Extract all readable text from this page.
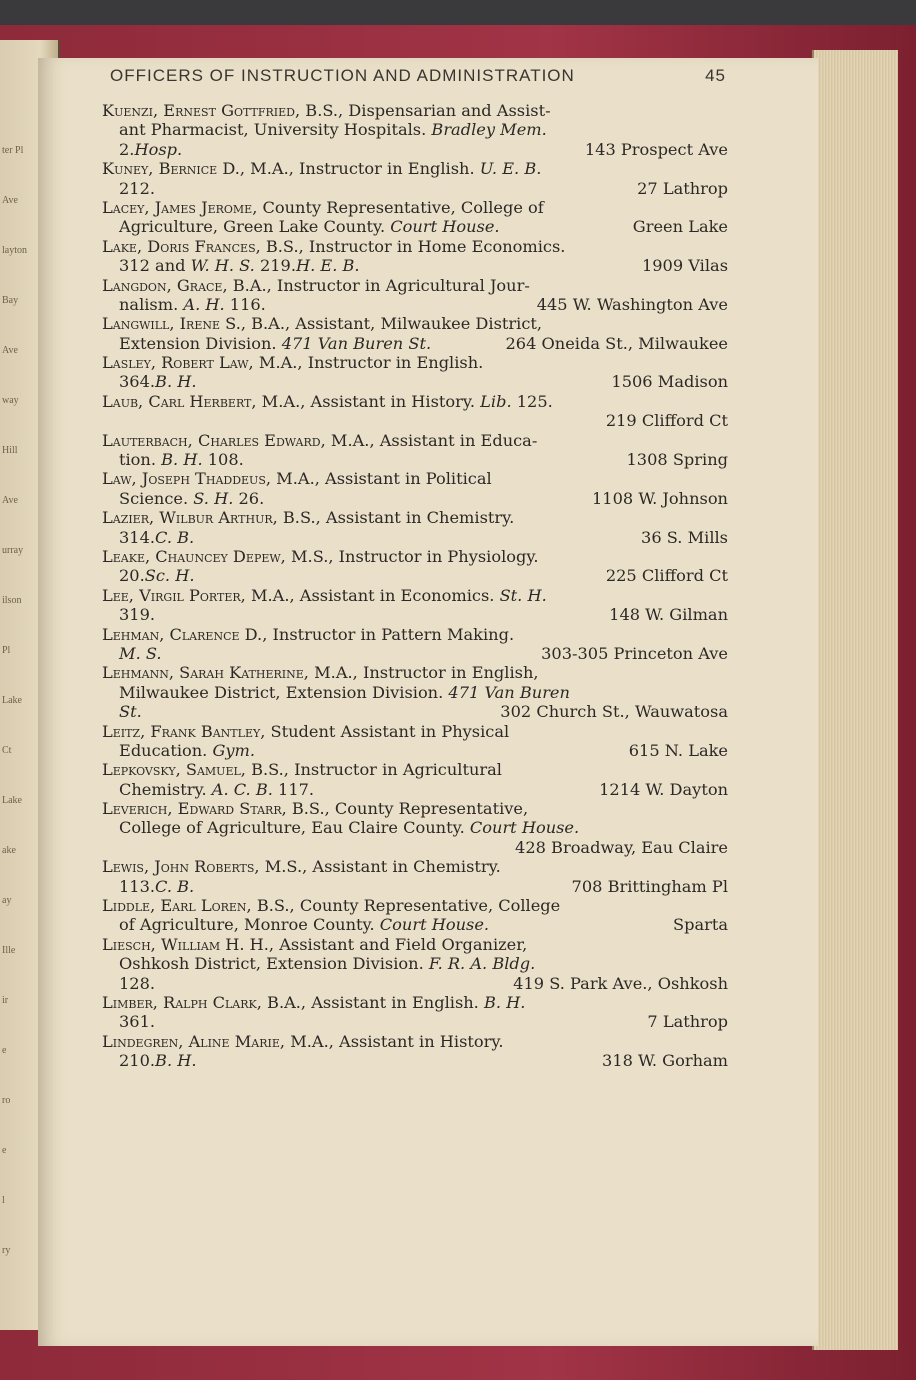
ter Pl
Ave
layton
Bay
Ave
way
Hill
Ave
urray
ilson
Pl
Lake
Ct
Lake
ake
ay
Ille
ir
e
ro
e
l
ry
OFFICERS OF INSTRUCTION AND ADMINISTRATION	45
Kuenzi, Ernest Gottfried, B.S., Dispensarian and Assist-
ant Pharmacist, University Hospitals. Bradley Mem.
2.Hosp.	143 Prospect Ave
Kuney, Bernice D., M.A., Instructor in English. U. E. B.
212.	27 Lathrop
Lacey, James Jerome, County Representative, College of
Agriculture, Green Lake County. Court House.	Green Lake
Lake, Doris Frances, B.S., Instructor in Home Economics.
312 and W. H. S. 219.H. E. B.	1909 Vilas
Langdon, Grace, B.A., Instructor in Agricultural Jour-
nalism. A. H. 116.	445 W. Washington Ave
Langwill, Irene S., B.A., Assistant, Milwaukee District,
Extension Division. 471 Van Buren St.	264 Oneida St., Milwaukee
Lasley, Robert Law, M.A., Instructor in English.
364.B. H.	1506 Madison
Laub, Carl Herbert, M.A., Assistant in History. Lib. 125.
219 Clifford Ct
Lauterbach, Charles Edward, M.A., Assistant in Educa-
tion. B. H. 108.	1308 Spring
Law, Joseph Thaddeus, M.A., Assistant in Political
Science. S. H. 26.	1108 W. Johnson
Lazier, Wilbur Arthur, B.S., Assistant in Chemistry.
314.C. B.	36 S. Mills
Leake, Chauncey Depew, M.S., Instructor in Physiology.
20.Sc. H.	225 Clifford Ct
Lee, Virgil Porter, M.A., Assistant in Economics. St. H.
319.	148 W. Gilman
Lehman, Clarence D., Instructor in Pattern Making.
M. S.	303-305 Princeton Ave
Lehmann, Sarah Katherine, M.A., Instructor in English,
Milwaukee District, Extension Division. 471 Van Buren
St.	302 Church St., Wauwatosa
Leitz, Frank Bantley, Student Assistant in Physical
Education. Gym.	615 N. Lake
Lepkovsky, Samuel, B.S., Instructor in Agricultural
Chemistry. A. C. B. 117.	1214 W. Dayton
Leverich, Edward Starr, B.S., County Representative,
College of Agriculture, Eau Claire County. Court House.
428 Broadway, Eau Claire
Lewis, John Roberts, M.S., Assistant in Chemistry.
113.C. B.	708 Brittingham Pl
Liddle, Earl Loren, B.S., County Representative, College
of Agriculture, Monroe County. Court House.	Sparta
Liesch, William H. H., Assistant and Field Organizer,
Oshkosh District, Extension Division. F. R. A. Bldg.
128.	419 S. Park Ave., Oshkosh
Limber, Ralph Clark, B.A., Assistant in English. B. H.
361.	7 Lathrop
Lindegren, Aline Marie, M.A., Assistant in History.
210.B. H.	318 W. Gorham
